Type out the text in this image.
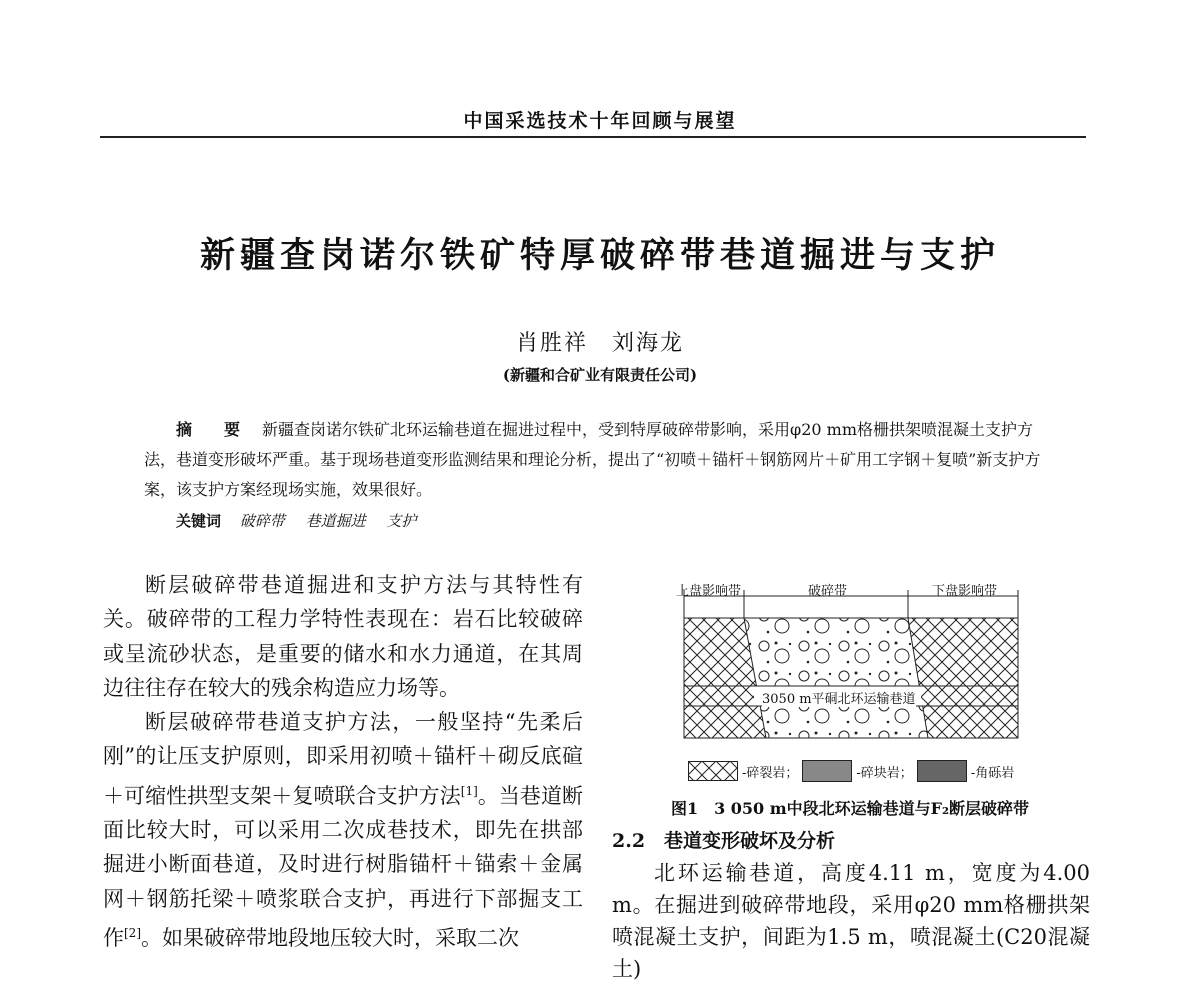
中国采选技术十年回顾与展望
新疆查岗诺尔铁矿特厚破碎带巷道掘进与支护
肖胜祥　刘海龙
(新疆和合矿业有限责任公司)
摘　要 新疆查岗诺尔铁矿北环运输巷道在掘进过程中，受到特厚破碎带影响，采用φ20 mm格栅拱架喷混凝土支护方法，巷道变形破坏严重。基于现场巷道变形监测结果和理论分析，提出了“初喷＋锚杆＋钢筋网片＋矿用工字钢＋复喷”新支护方案，该支护方案经现场实施，效果很好。
关键词 破碎带 巷道掘进 支护

断层破碎带巷道掘进和支护方法与其特性有关。破碎带的工程力学特性表现在：岩石比较破碎或呈流砂状态，是重要的储水和水力通道，在其周边往往存在较大的残余构造应力场等。

断层破碎带巷道支护方法，一般坚持“先柔后刚”的让压支护原则，即采用初喷＋锚杆＋砌反底碹＋可缩性拱型支架＋复喷联合支护方法[1]。当巷道断面比较大时，可以采用二次成巷技术，即先在拱部掘进小断面巷道，及时进行树脂锚杆＋锚索＋金属网＋钢筋托梁＋喷浆联合支护，再进行下部掘支工作[2]。如果破碎带地段地压较大时，采取二次

上盘影响带	破碎带	下盘影响带
3050 m平硐北环运输巷道
-碎裂岩；	-碎块岩；	-角砾岩
图1　3 050 m中段北环运输巷道与F₂断层破碎带
2.2　巷道变形破坏及分析

北环运输巷道，高度4.11 m，宽度为4.00 m。在掘进到破碎带地段，采用φ20 mm格栅拱架喷混凝土支护，间距为1.5 m，喷混凝土(C20混凝土)
